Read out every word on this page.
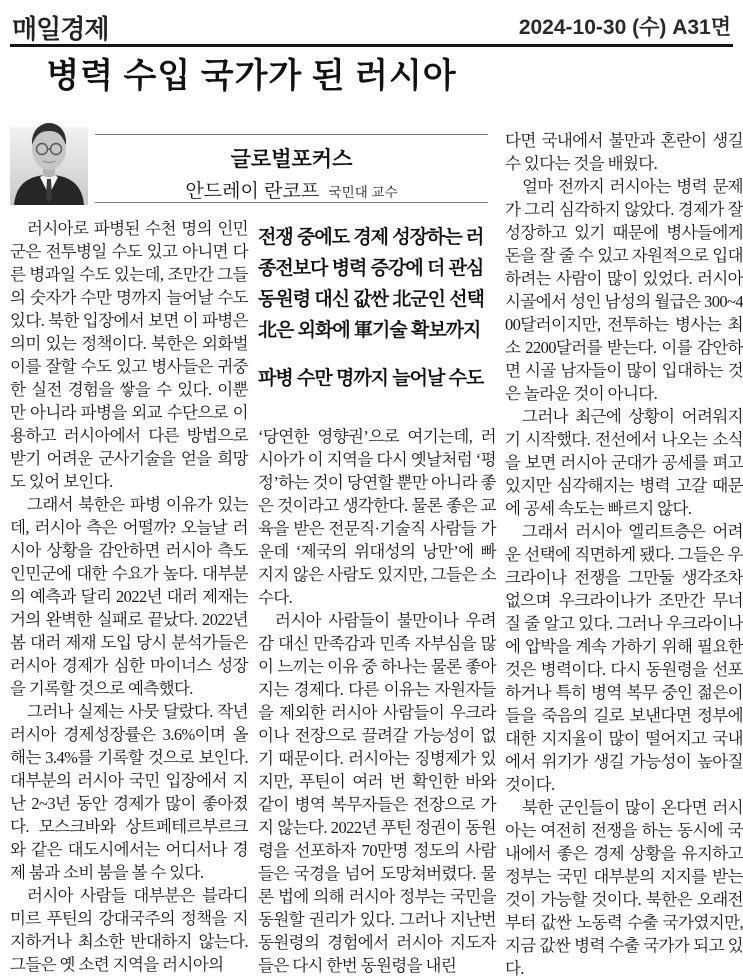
매일경제	2024-10-30 (수) A31면
병력 수입 국가가 된 러시아
글로벌포커스
안드레이 란코프 국민대 교수

러시아로 파병된 수천 명의 인민군은 전투병일 수도 있고 아니면 다른 병과일 수도 있는데, 조만간 그들의 숫자가 수만 명까지 늘어날 수도 있다. 북한 입장에서 보면 이 파병은 의미 있는 정책이다. 북한은 외화벌이를 잘할 수도 있고 병사들은 귀중한 실전 경험을 쌓을 수 있다. 이뿐만 아니라 파병을 외교 수단으로 이용하고 러시아에서 다른 방법으로 받기 어려운 군사기술을 얻을 희망도 있어 보인다.

그래서 북한은 파병 이유가 있는데, 러시아 측은 어떨까? 오늘날 러시아 상황을 감안하면 러시아 측도 인민군에 대한 수요가 높다. 대부분의 예측과 달리 2022년 대러 제재는 거의 완벽한 실패로 끝났다. 2022년 봄 대러 제재 도입 당시 분석가들은 러시아 경제가 심한 마이너스 성장을 기록할 것으로 예측했다.

그러나 실제는 사뭇 달랐다. 작년 러시아 경제성장률은 3.6%이며 올해는 3.4%를 기록할 것으로 보인다. 대부분의 러시아 국민 입장에서 지난 2~3년 동안 경제가 많이 좋아졌다. 모스크바와 상트페테르부르크와 같은 대도시에서는 어디서나 경제 붐과 소비 붐을 볼 수 있다.

러시아 사람들 대부분은 블라디미르 푸틴의 강대국주의 정책을 지지하거나 최소한 반대하지 않는다. 그들은 옛 소련 지역을 러시아의

전쟁 중에도 경제 성장하는 러
종전보다 병력 증강에 더 관심
동원령 대신 값싼 北군인 선택
北은 외화에 軍기술 확보까지
파병 수만 명까지 늘어날 수도

‘당연한 영향권’으로 여기는데, 러시아가 이 지역을 다시 옛날처럼 ‘평정’하는 것이 당연할 뿐만 아니라 좋은 것이라고 생각한다. 물론 좋은 교육을 받은 전문직·기술직 사람들 가운데 ‘제국의 위대성의 낭만’에 빠지지 않은 사람도 있지만, 그들은 소수다.

러시아 사람들이 불만이나 우려감 대신 만족감과 민족 자부심을 많이 느끼는 이유 중 하나는 물론 좋아지는 경제다. 다른 이유는 자원자들을 제외한 러시아 사람들이 우크라이나 전장으로 끌려갈 가능성이 없기 때문이다. 러시아는 징병제가 있지만, 푸틴이 여러 번 확인한 바와 같이 병역 복무자들은 전장으로 가지 않는다. 2022년 푸틴 정권이 동원령을 선포하자 70만명 정도의 사람들은 국경을 넘어 도망쳐버렸다. 물론 법에 의해 러시아 정부는 국민을 동원할 권리가 있다. 그러나 지난번 동원령의 경험에서 러시아 지도자들은 다시 한번 동원령을 내린

다면 국내에서 불만과 혼란이 생길 수 있다는 것을 배웠다.

얼마 전까지 러시아는 병력 문제가 그리 심각하지 않았다. 경제가 잘 성장하고 있기 때문에 병사들에게 돈을 잘 줄 수 있고 자원적으로 입대하려는 사람이 많이 있었다. 러시아 시골에서 성인 남성의 월급은 300~400달러이지만, 전투하는 병사는 최소 2200달러를 받는다. 이를 감안하면 시골 남자들이 많이 입대하는 것은 놀라운 것이 아니다.

그러나 최근에 상황이 어려워지기 시작했다. 전선에서 나오는 소식을 보면 러시아 군대가 공세를 펴고 있지만 심각해지는 병력 고갈 때문에 공세 속도는 빠르지 않다.

그래서 러시아 엘리트층은 어려운 선택에 직면하게 됐다. 그들은 우크라이나 전쟁을 그만둘 생각조차 없으며 우크라이나가 조만간 무너질 줄 알고 있다. 그러나 우크라이나에 압박을 계속 가하기 위해 필요한 것은 병력이다. 다시 동원령을 선포하거나 특히 병역 복무 중인 젊은이들을 죽음의 길로 보낸다면 정부에 대한 지지율이 많이 떨어지고 국내에서 위기가 생길 가능성이 높아질 것이다.

북한 군인들이 많이 온다면 러시아는 여전히 전쟁을 하는 동시에 국내에서 좋은 경제 상황을 유지하고 정부는 국민 대부분의 지지를 받는 것이 가능할 것이다. 북한은 오래전부터 값싼 노동력 수출 국가였지만, 지금 값싼 병력 수출 국가가 되고 있다.
